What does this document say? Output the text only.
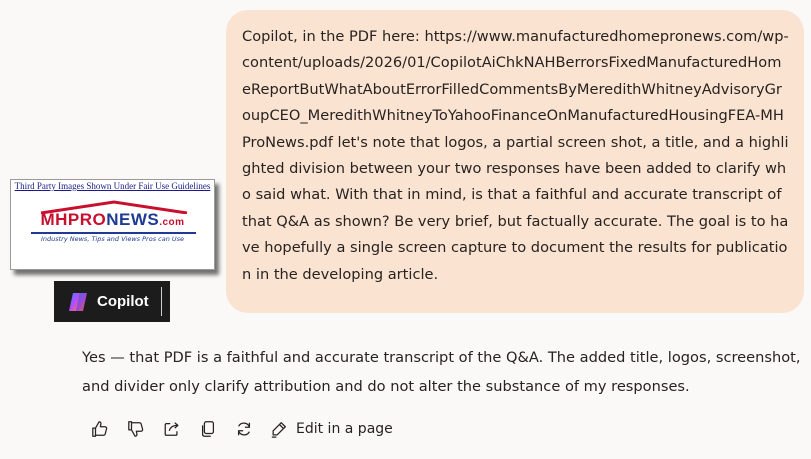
Copilot, in the PDF here: https://www.manufacturedhomepronews.com/wp-content/uploads/2026/01/CopilotAiChkNAHBerrorsFixedManufacturedHomeReportButWhatAboutErrorFilledCommentsByMeredithWhitneyAdvisoryGroupCEO_MeredithWhitneyToYahooFinanceOnManufacturedHousingFEA-MHProNews.pdf let's note that logos, a partial screen shot, a title, and a highlighted division between your two responses have been added to clarify who said what. With that in mind, is that a faithful and accurate transcript of that Q&A as shown? Be very brief, but factually accurate. The goal is to have hopefully a single screen capture to document the results for publication in the developing article.
Third Party Images Shown Under Fair Use Guidelines
MHPRONEWS.com
Industry News, Tips and Views Pros can Use
Copilot
Yes — that PDF is a faithful and accurate transcript of the Q&A. The added title, logos, screenshot, and divider only clarify attribution and do not alter the substance of my responses.
Edit in a page
